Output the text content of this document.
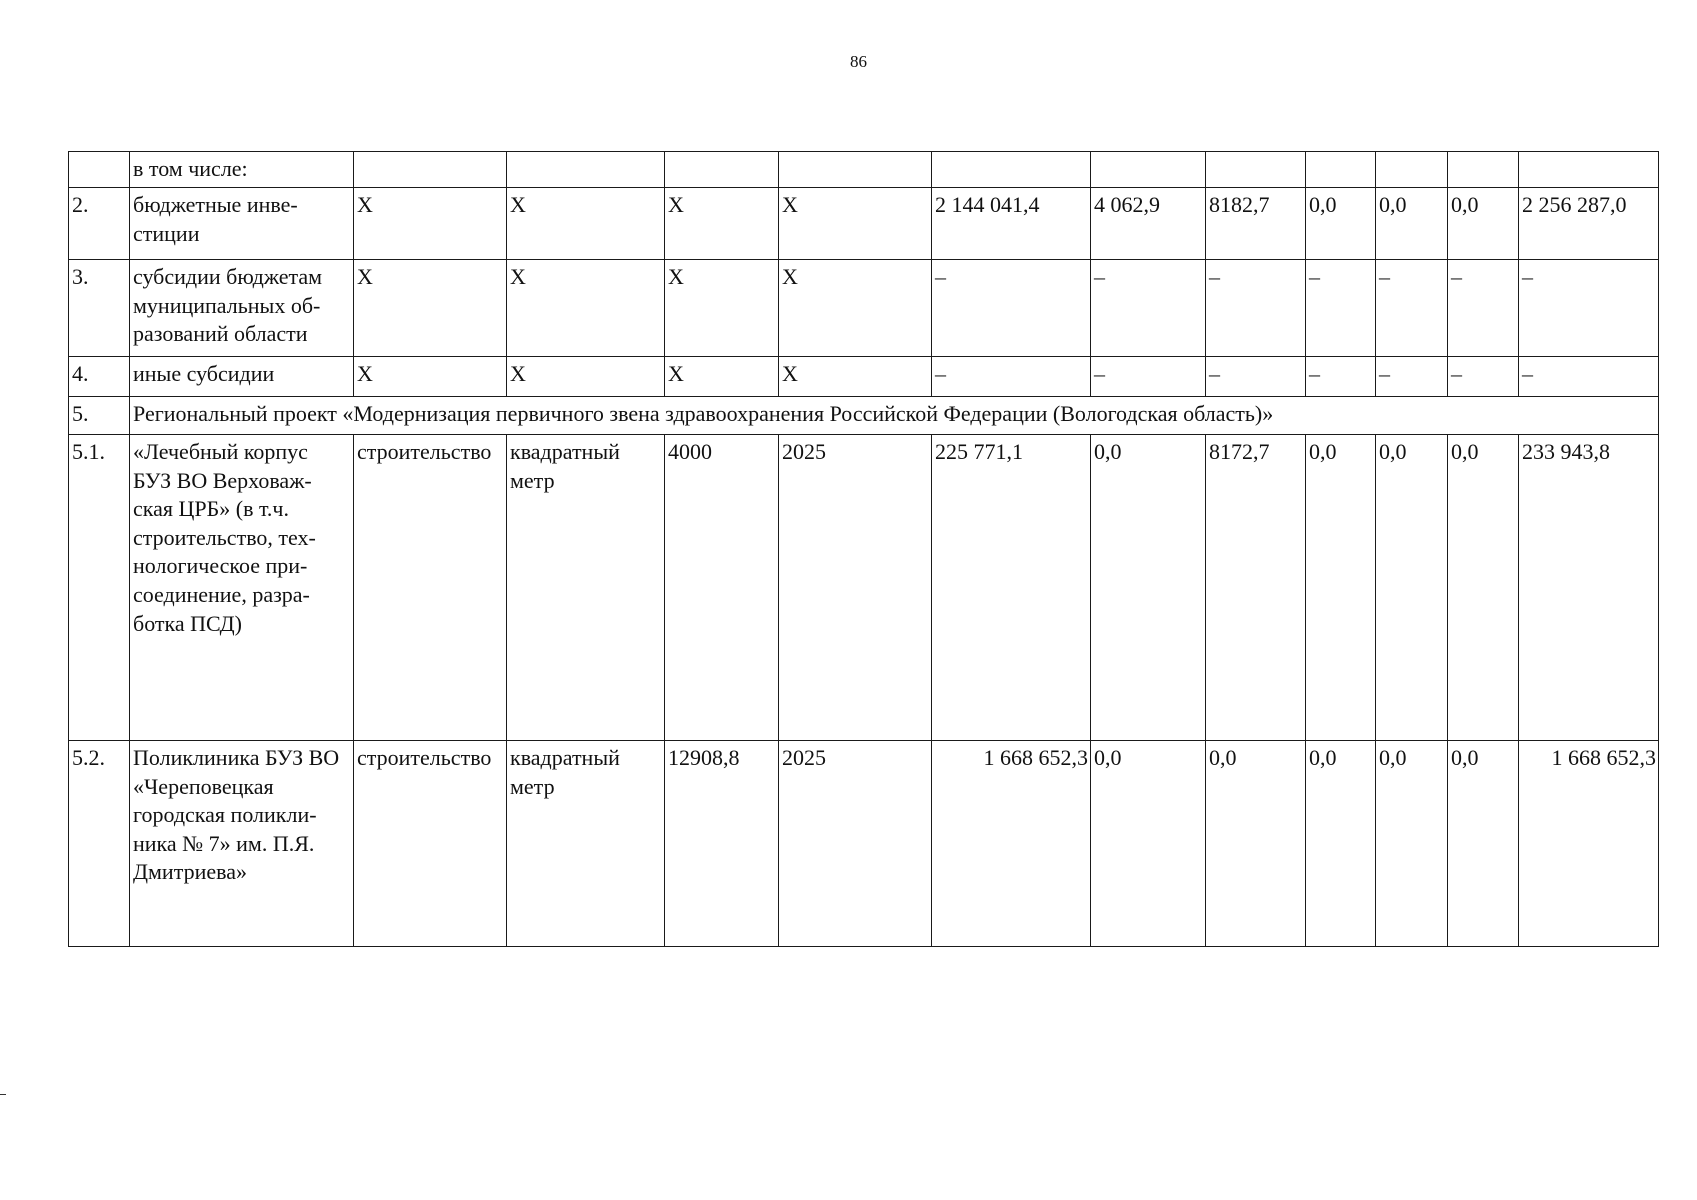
86
	в том числе:											
2.	бюджетные инве-стиции	Х	Х	Х	Х	2 144 041,4	4 062,9	8182,7	0,0	0,0	0,0	2 256 287,0
3.	субсидии бюджетам муниципальных об-разований области	Х	Х	Х	Х	–	–	–	–	–	–	–
4.	иные субсидии	Х	Х	Х	Х	–	–	–	–	–	–	–
5.	Региональный проект «Модернизация первичного звена здравоохранения Российской Федерации (Вологодская область)»											
5.1.	«Лечебный корпус БУЗ ВО Верховаж-ская ЦРБ» (в т.ч. строительство, тех-нологическое при-соединение, разра-ботка ПСД)	строительство	квадратный метр	4000	2025	225 771,1	0,0	8172,7	0,0	0,0	0,0	233 943,8
5.2.	Поликлиника БУЗ ВО «Череповецкая городская поликли-ника № 7» им. П.Я. Дмитриева»	строительство	квадратный метр	12908,8	2025	1 668 652,3	0,0	0,0	0,0	0,0	0,0	1 668 652,3
